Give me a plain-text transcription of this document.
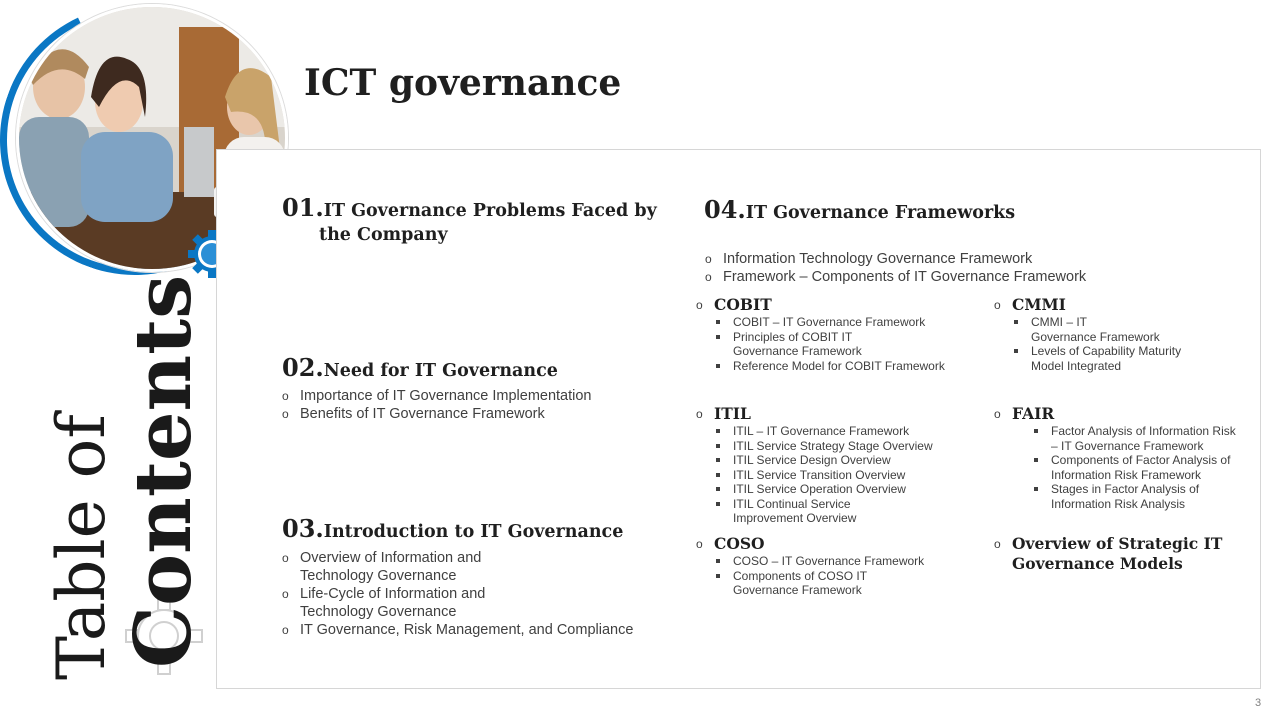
Table of
Contents
ICT governance
01.IT Governance Problems Faced by
the Company
02.Need for IT Governance
o Importance of IT Governance Implementation
o Benefits of IT Governance Framework
03.Introduction to IT Governance
o Overview of Information and
Technology Governance
o Life-Cycle of Information and
Technology Governance
o IT Governance, Risk Management, and Compliance
04.IT Governance Frameworks
o Information Technology Governance Framework
o Framework – Components of IT Governance Framework
o COBIT
COBIT – IT Governance Framework
Principles of COBIT IT
Governance Framework
Reference Model for COBIT Framework
o CMMI
CMMI – IT
Governance Framework
Levels of Capability Maturity
Model Integrated
o ITIL
ITIL – IT Governance Framework
ITIL Service Strategy Stage Overview
ITIL Service Design Overview
ITIL Service Transition Overview
ITIL Service Operation Overview
ITIL Continual Service
Improvement Overview
o FAIR
Factor Analysis of Information Risk
– IT Governance Framework
Components of Factor Analysis of
Information Risk Framework
Stages in Factor Analysis of
Information Risk Analysis
o COSO
COSO – IT Governance Framework
Components of COSO IT
Governance Framework
o Overview of Strategic IT
Governance Models
3
